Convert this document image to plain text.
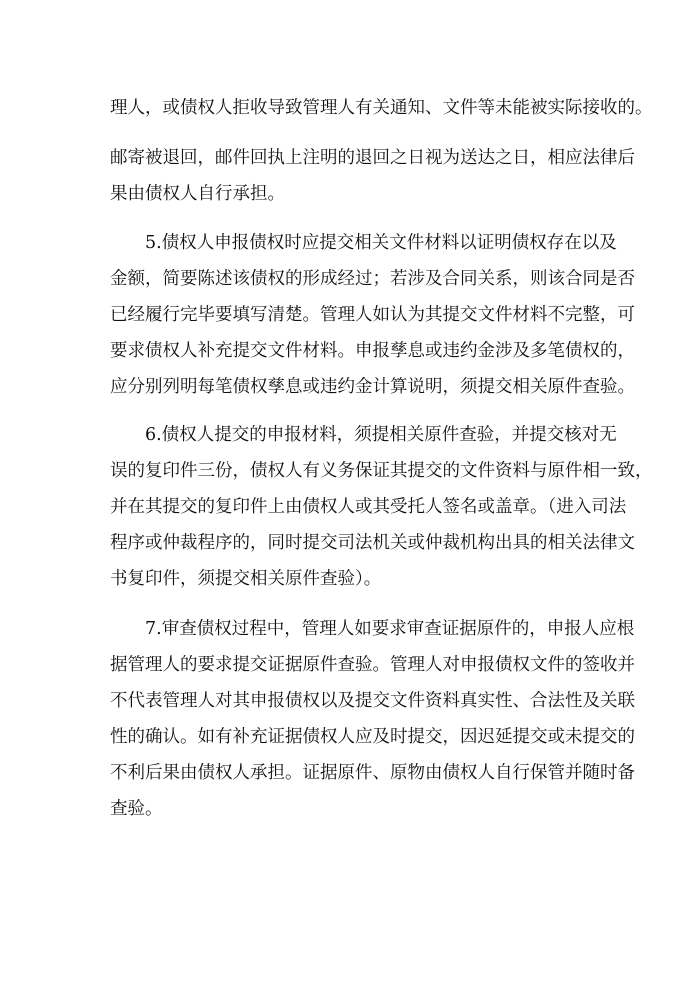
理人，或债权人拒收导致管理人有关通知、文件等未能被实际接收的。
邮寄被退回，邮件回执上注明的退回之日视为送达之日，相应法律后
果由债权人自行承担。
5.债权人申报债权时应提交相关文件材料以证明债权存在以及
金额，简要陈述该债权的形成经过；若涉及合同关系，则该合同是否
已经履行完毕要填写清楚。管理人如认为其提交文件材料不完整，可
要求债权人补充提交文件材料。申报孳息或违约金涉及多笔债权的，
应分别列明每笔债权孳息或违约金计算说明，须提交相关原件查验。
6.债权人提交的申报材料，须提相关原件查验，并提交核对无
误的复印件三份，债权人有义务保证其提交的文件资料与原件相一致，
并在其提交的复印件上由债权人或其受托人签名或盖章。（进入司法
程序或仲裁程序的，同时提交司法机关或仲裁机构出具的相关法律文
书复印件，须提交相关原件查验）。
7.审查债权过程中，管理人如要求审查证据原件的，申报人应根
据管理人的要求提交证据原件查验。管理人对申报债权文件的签收并
不代表管理人对其申报债权以及提交文件资料真实性、合法性及关联
性的确认。如有补充证据债权人应及时提交，因迟延提交或未提交的
不利后果由债权人承担。证据原件、原物由债权人自行保管并随时备
查验。
